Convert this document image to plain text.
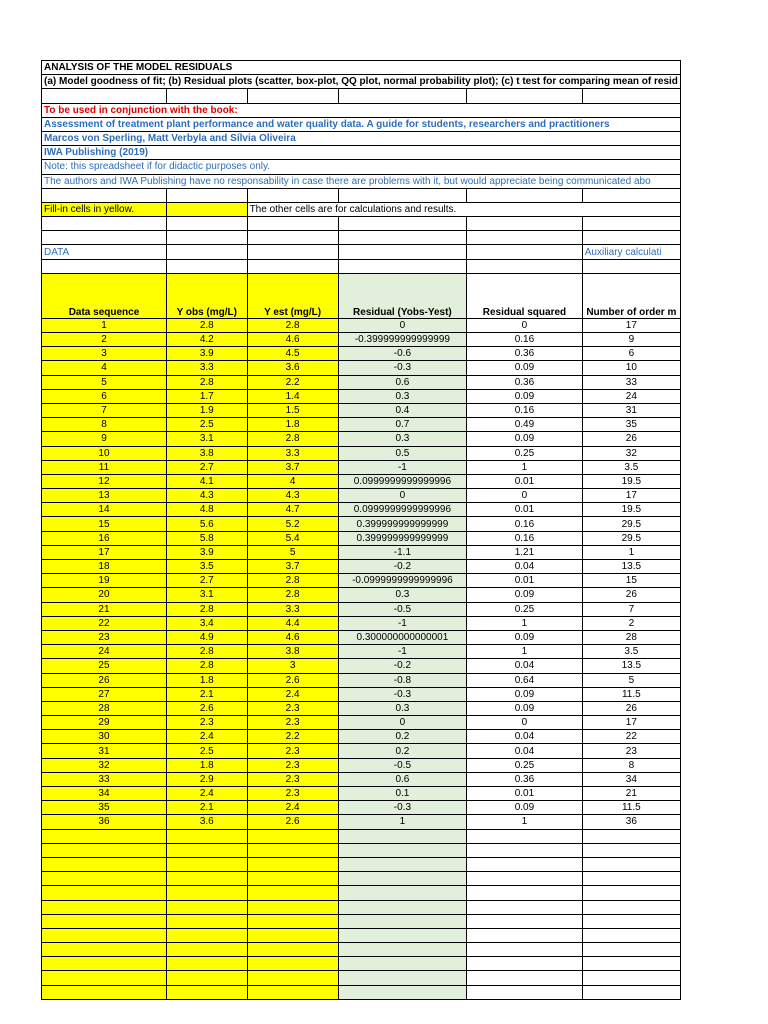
ANALYSIS OF THE MODEL RESIDUALS					
(a) Model goodness of fit; (b) Residual plots (scatter, box-plot, QQ plot, normal probability plot); (c) t test for comparing mean of resid					

To be used in conjunction with the book:					
Assessment of treatment plant performance and water quality data. A guide for students, researchers and practitioners					
Marcos von Sperling, Matt Verbyla and Sílvia Oliveira					
IWA Publishing (2019)					
Note: this spreadsheet if for didactic purposes only.					
The authors and IWA Publishing have no responsability in case there are problems with it, but would appreciate being communicated abo					

Fill-in cells in yellow.		The other cells are for calculations and results.			

DATA					Auxiliary calculati

Data sequence	Y obs (mg/L)	Y est (mg/L)	Residual (Yobs-Yest)	Residual squared	Number of order m
1	2.8	2.8	0	0	17
2	4.2	4.6	-0.399999999999999	0.16	9
3	3.9	4.5	-0.6	0.36	6
4	3.3	3.6	-0.3	0.09	10
5	2.8	2.2	0.6	0.36	33
6	1.7	1.4	0.3	0.09	24
7	1.9	1.5	0.4	0.16	31
8	2.5	1.8	0.7	0.49	35
9	3.1	2.8	0.3	0.09	26
10	3.8	3.3	0.5	0.25	32
11	2.7	3.7	-1	1	3.5
12	4.1	4	0.0999999999999996	0.01	19.5
13	4.3	4.3	0	0	17
14	4.8	4.7	0.0999999999999996	0.01	19.5
15	5.6	5.2	0.399999999999999	0.16	29.5
16	5.8	5.4	0.399999999999999	0.16	29.5
17	3.9	5	-1.1	1.21	1
18	3.5	3.7	-0.2	0.04	13.5
19	2.7	2.8	-0.0999999999999996	0.01	15
20	3.1	2.8	0.3	0.09	26
21	2.8	3.3	-0.5	0.25	7
22	3.4	4.4	-1	1	2
23	4.9	4.6	0.300000000000001	0.09	28
24	2.8	3.8	-1	1	3.5
25	2.8	3	-0.2	0.04	13.5
26	1.8	2.6	-0.8	0.64	5
27	2.1	2.4	-0.3	0.09	11.5
28	2.6	2.3	0.3	0.09	26
29	2.3	2.3	0	0	17
30	2.4	2.2	0.2	0.04	22
31	2.5	2.3	0.2	0.04	23
32	1.8	2.3	-0.5	0.25	8
33	2.9	2.3	0.6	0.36	34
34	2.4	2.3	0.1	0.01	21
35	2.1	2.4	-0.3	0.09	11.5
36	3.6	2.6	1	1	36
